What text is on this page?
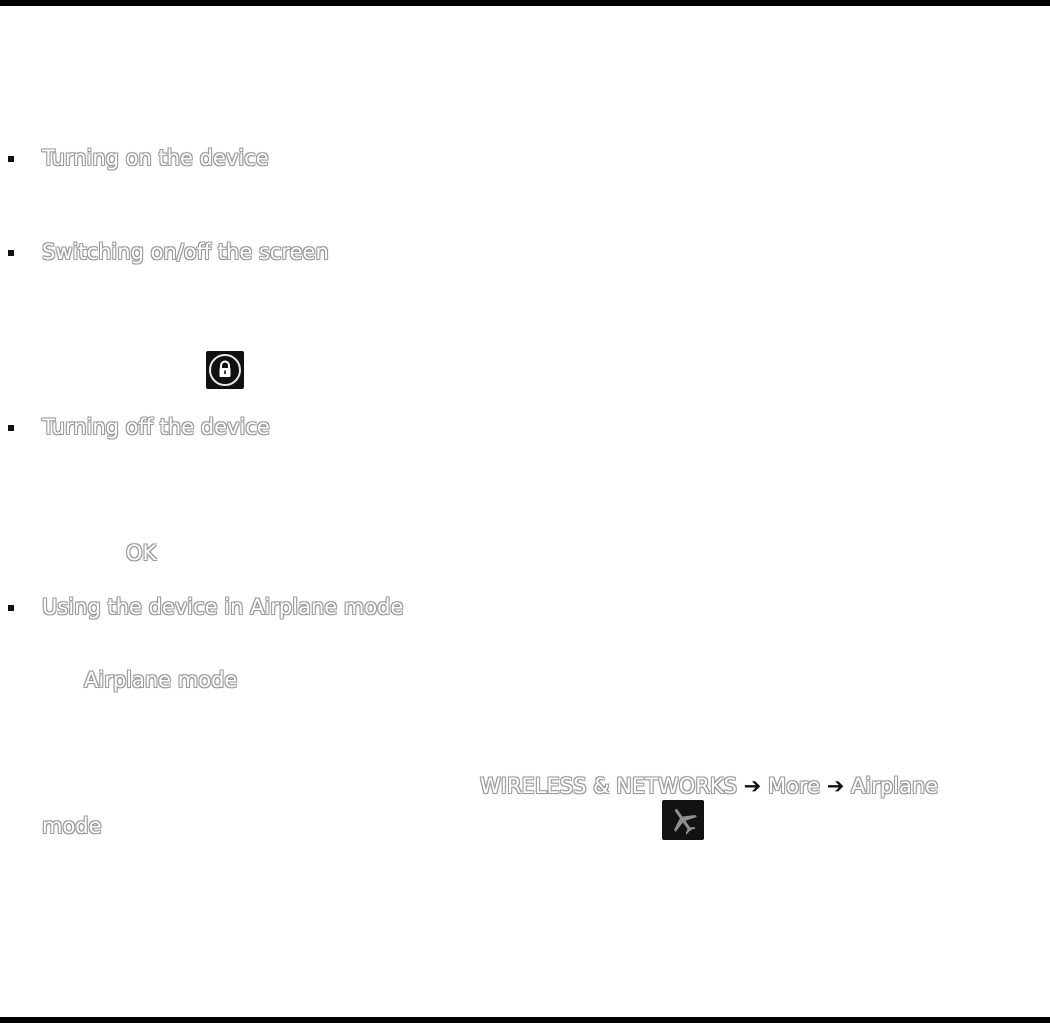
Turning on the device
Switching on/off the screen
Turning off the device
OK
Using the device in Airplane mode
Airplane mode
WIRELESS & NETWORKS ➔ More ➔ Airplane
mode
